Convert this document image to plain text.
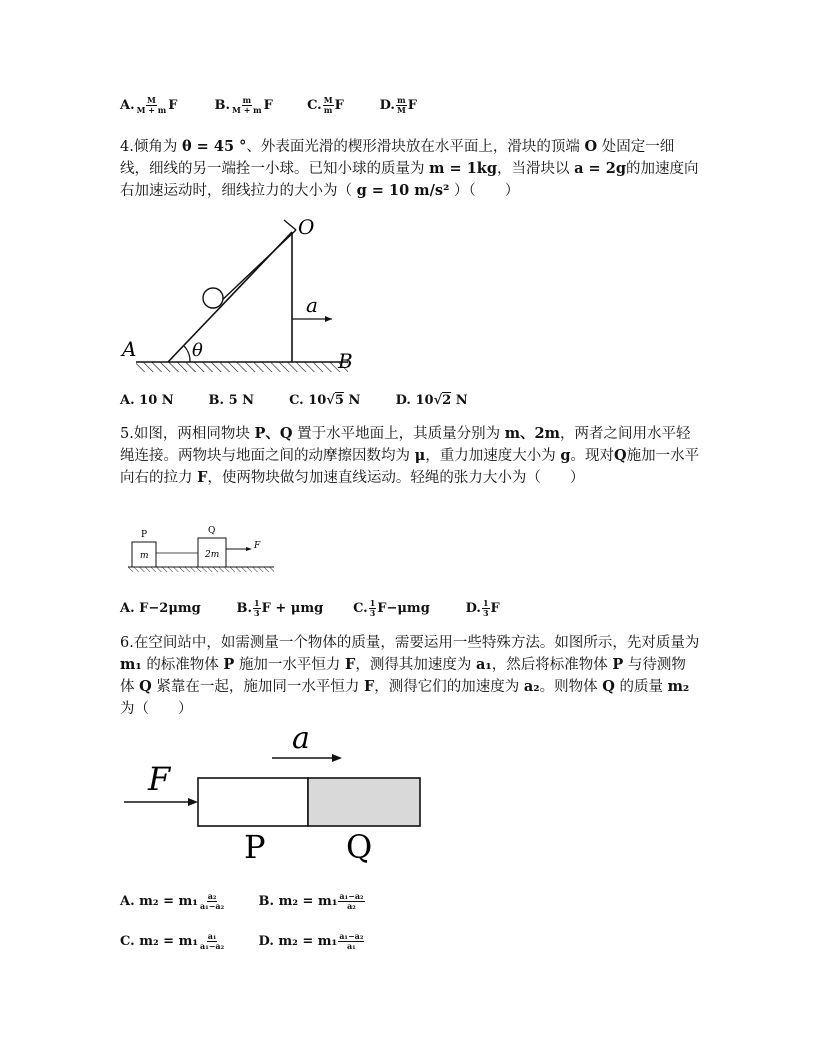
A. $\frac{M}{M + m}$ F	B. $\frac{m}{M + m}$ F	C. $\frac{M}{m}$ F	D. $\frac{m}{M}$ F
4.倾角为 θ = 45 °、外表面光滑的楔形滑块放在水平面上，滑块的顶端 O 处固定一细线，细线的另一端拴一小球。已知小球的质量为 m = 1kg，当滑块以 a = 2g的加速度向右加速运动时，细线拉力的大小为（ g = 10 m/s² ）（　　）
O
a
A	θ	B
A. 10 N	B. 5 N	C. 10√5 N	D. 10√2 N
5.如图，两相同物块 P、Q 置于水平地面上，其质量分别为 m、2m，两者之间用水平轻绳连接。两物块与地面之间的动摩擦因数均为 μ，重力加速度大小为 g。现对Q施加一水平向右的拉力 F，使两物块做匀加速直线运动。轻绳的张力大小为（　　）
P	Q
m	2m
F
A. F−2μmg	B. $\frac{1}{3}$ F + μmg C. $\frac{1}{3} F-\mu mg$	D. $\frac{1}{3}$ F
6.在空间站中，如需测量一个物体的质量，需要运用一些特殊方法。如图所示，先对质量为 m₁ 的标准物体 P 施加一水平恒力 F，测得其加速度为 a₁，然后将标准物体 P 与待测物体 Q 紧靠在一起，施加同一水平恒力 F，测得它们的加速度为 a₂。则物体 Q 的质量 m₂ 为（　　）
a
F
P	Q
A. $m_2 = m_1 \frac{\text{a₂}}{\text{a₁−a₂}}$	B. $m_2 = m_1 \frac{\text{a₁−a₂}}{\text{a₂}}$
C. $m_2 = m_1 \frac{\text{a₁}}{\text{a₁−a₂}}$	D. $m_2 = m_1 \frac{\text{a₁−a₂}}{\text{a₁}}$
